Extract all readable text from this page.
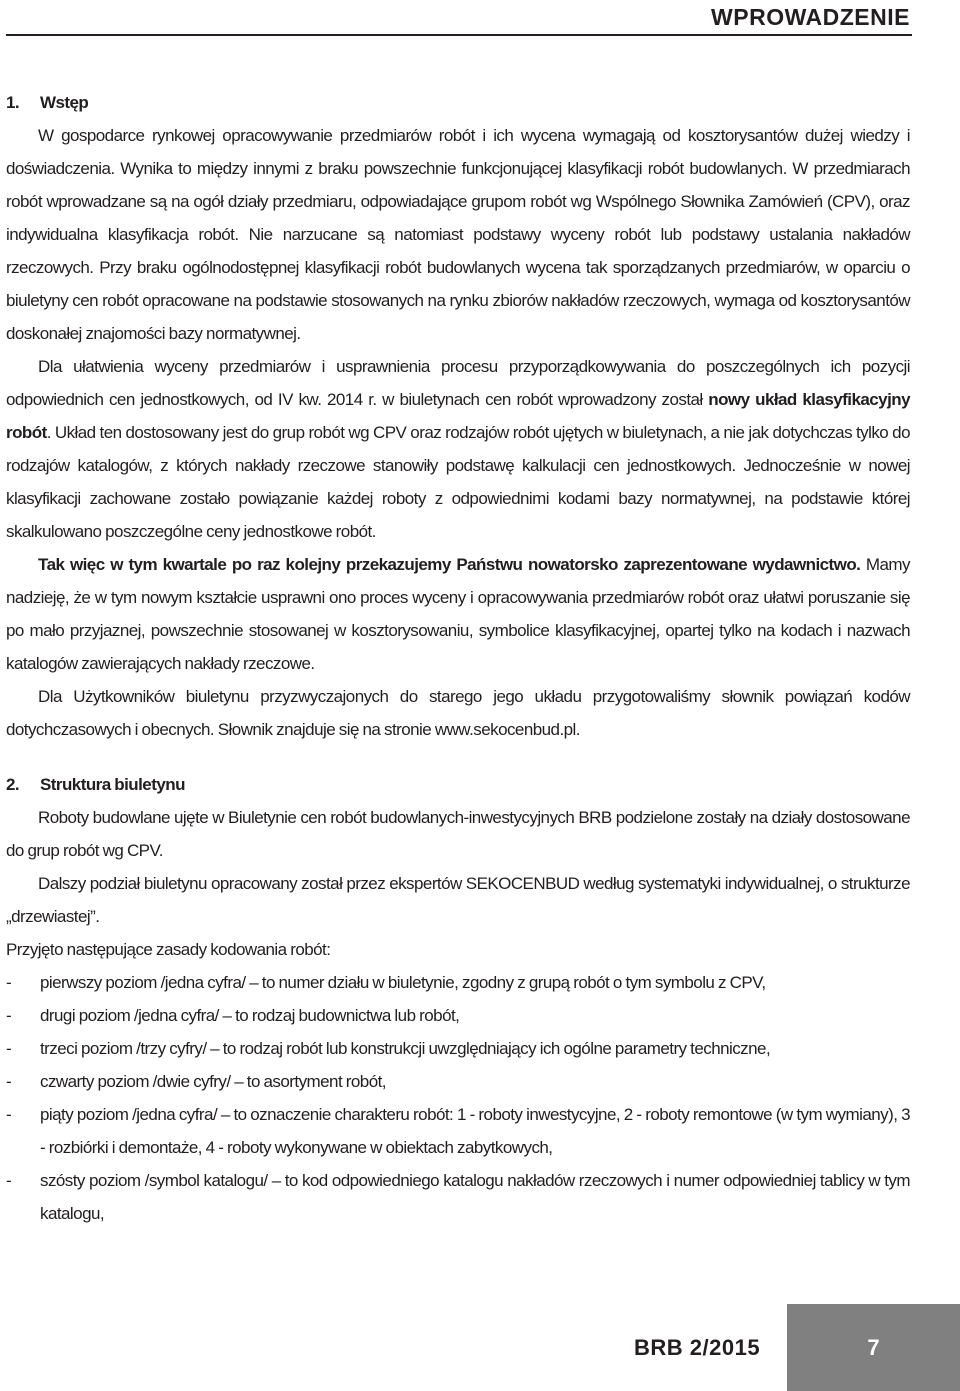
WPROWADZENIE

1. Wstęp

W gospodarce rynkowej opracowywanie przedmiarów robót i ich wycena wymagają od kosztorysantów dużej wiedzy i doświadczenia. Wynika to między innymi z braku powszechnie funkcjonującej klasyfikacji robót budowlanych. W przedmiarach robót wprowadzane są na ogół działy przedmiaru, odpowiadające grupom robót wg Wspólnego Słownika Zamówień (CPV), oraz indywidualna klasyfikacja robót. Nie narzucane są natomiast podstawy wyceny robót lub podstawy ustalania nakładów rzeczowych. Przy braku ogólnodostępnej klasyfikacji robót budowlanych wycena tak sporządzanych przedmiarów, w oparciu o biuletyny cen robót opracowane na podstawie stosowanych na rynku zbiorów nakładów rzeczowych, wymaga od kosztorysantów doskonałej znajomości bazy normatywnej.

Dla ułatwienia wyceny przedmiarów i usprawnienia procesu przyporządkowywania do poszczególnych ich pozycji odpowiednich cen jednostkowych, od IV kw. 2014 r. w biuletynach cen robót wprowadzony został nowy układ klasyfikacyjny robót. Układ ten dostosowany jest do grup robót wg CPV oraz rodzajów robót ujętych w biuletynach, a nie jak dotychczas tylko do rodzajów katalogów, z których nakłady rzeczowe stanowiły podstawę kalkulacji cen jednostkowych. Jednocześnie w nowej klasyfikacji zachowane zostało powiązanie każdej roboty z odpowiednimi kodami bazy normatywnej, na podstawie której skalkulowano poszczególne ceny jednostkowe robót.

Tak więc w tym kwartale po raz kolejny przekazujemy Państwu nowatorsko zaprezentowane wydawnictwo. Mamy nadzieję, że w tym nowym kształcie usprawni ono proces wyceny i opracowywania przedmiarów robót oraz ułatwi poruszanie się po mało przyjaznej, powszechnie stosowanej w kosztorysowaniu, symbolice klasyfikacyjnej, opartej tylko na kodach i nazwach katalogów zawierających nakłady rzeczowe.

Dla Użytkowników biuletynu przyzwyczajonych do starego jego układu przygotowaliśmy słownik powiązań kodów dotychczasowych i obecnych. Słownik znajduje się na stronie www.sekocenbud.pl.

2. Struktura biuletynu

Roboty budowlane ujęte w Biuletynie cen robót budowlanych-inwestycyjnych BRB podzielone zostały na działy dostosowane do grup robót wg CPV.

Dalszy podział biuletynu opracowany został przez ekspertów SEKOCENBUD według systematyki indywidualnej, o strukturze „drzewiastej”.

Przyjęto następujące zasady kodowania robót:

- pierwszy poziom /jedna cyfra/ – to numer działu w biuletynie, zgodny z grupą robót o tym symbolu z CPV,
- drugi poziom /jedna cyfra/ – to rodzaj budownictwa lub robót,
- trzeci poziom /trzy cyfry/ – to rodzaj robót lub konstrukcji uwzględniający ich ogólne parametry techniczne,
- czwarty poziom /dwie cyfry/ – to asortyment robót,
- piąty poziom /jedna cyfra/ – to oznaczenie charakteru robót: 1 - roboty inwestycyjne, 2 - roboty remontowe (w tym wymiany), 3 - rozbiórki i demontaże, 4 - roboty wykonywane w obiektach zabytkowych,
- szósty poziom /symbol katalogu/ – to kod odpowiedniego katalogu nakładów rzeczowych i numer odpowiedniej tablicy w tym katalogu,
BRB 2/2015	7
